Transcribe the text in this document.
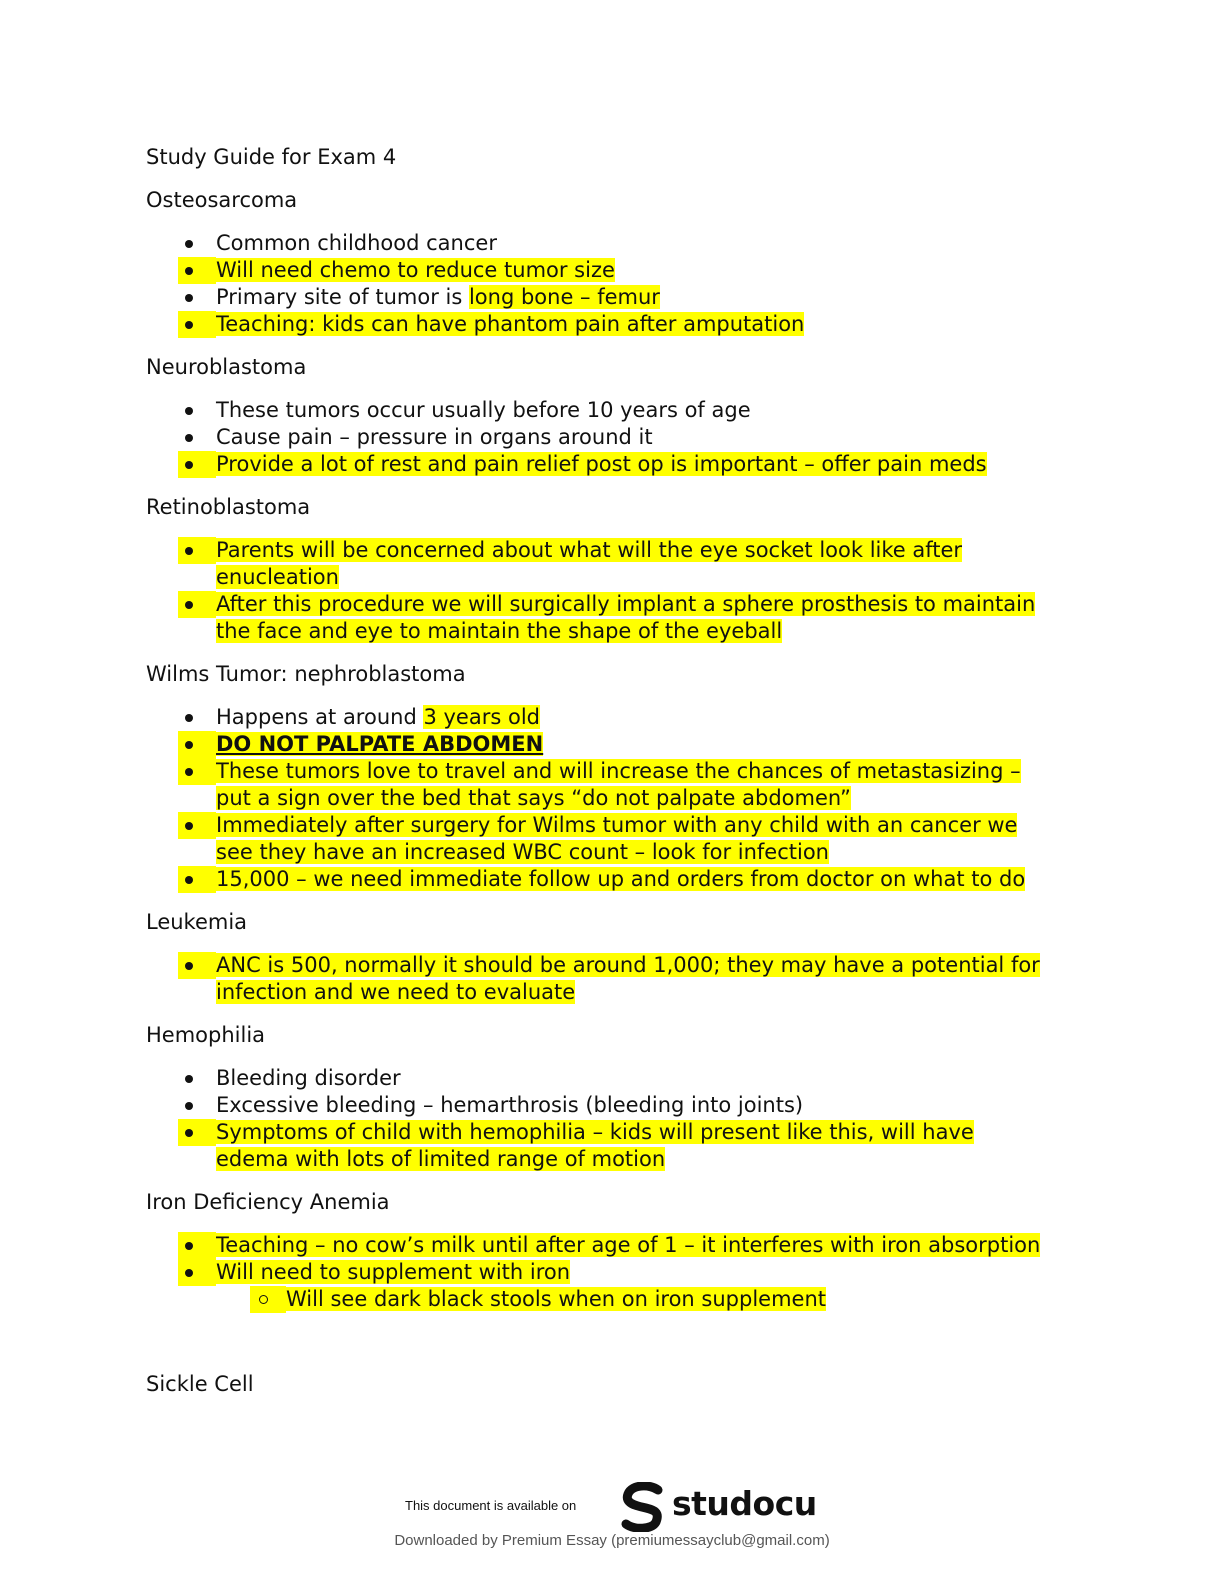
Study Guide for Exam 4
Osteosarcoma
Common childhood cancer
Will need chemo to reduce tumor size
Primary site of tumor is long bone – femur
Teaching: kids can have phantom pain after amputation
Neuroblastoma
These tumors occur usually before 10 years of age
Cause pain – pressure in organs around it
Provide a lot of rest and pain relief post op is important – offer pain meds
Retinoblastoma
Parents will be concerned about what will the eye socket look like after
enucleation
After this procedure we will surgically implant a sphere prosthesis to maintain
the face and eye to maintain the shape of the eyeball
Wilms Tumor: nephroblastoma
Happens at around 3 years old
DO NOT PALPATE ABDOMEN
These tumors love to travel and will increase the chances of metastasizing –
put a sign over the bed that says “do not palpate abdomen”
Immediately after surgery for Wilms tumor with any child with an cancer we
see they have an increased WBC count – look for infection
15,000 – we need immediate follow up and orders from doctor on what to do
Leukemia
ANC is 500, normally it should be around 1,000; they may have a potential for
infection and we need to evaluate
Hemophilia
Bleeding disorder
Excessive bleeding – hemarthrosis (bleeding into joints)
Symptoms of child with hemophilia – kids will present like this, will have
edema with lots of limited range of motion
Iron Deficiency Anemia
Teaching – no cow’s milk until after age of 1 – it interferes with iron absorption
Will need to supplement with iron
Will see dark black stools when on iron supplement
Sickle Cell
This document is available on	studocu
Downloaded by Premium Essay (premiumessayclub@gmail.com)
